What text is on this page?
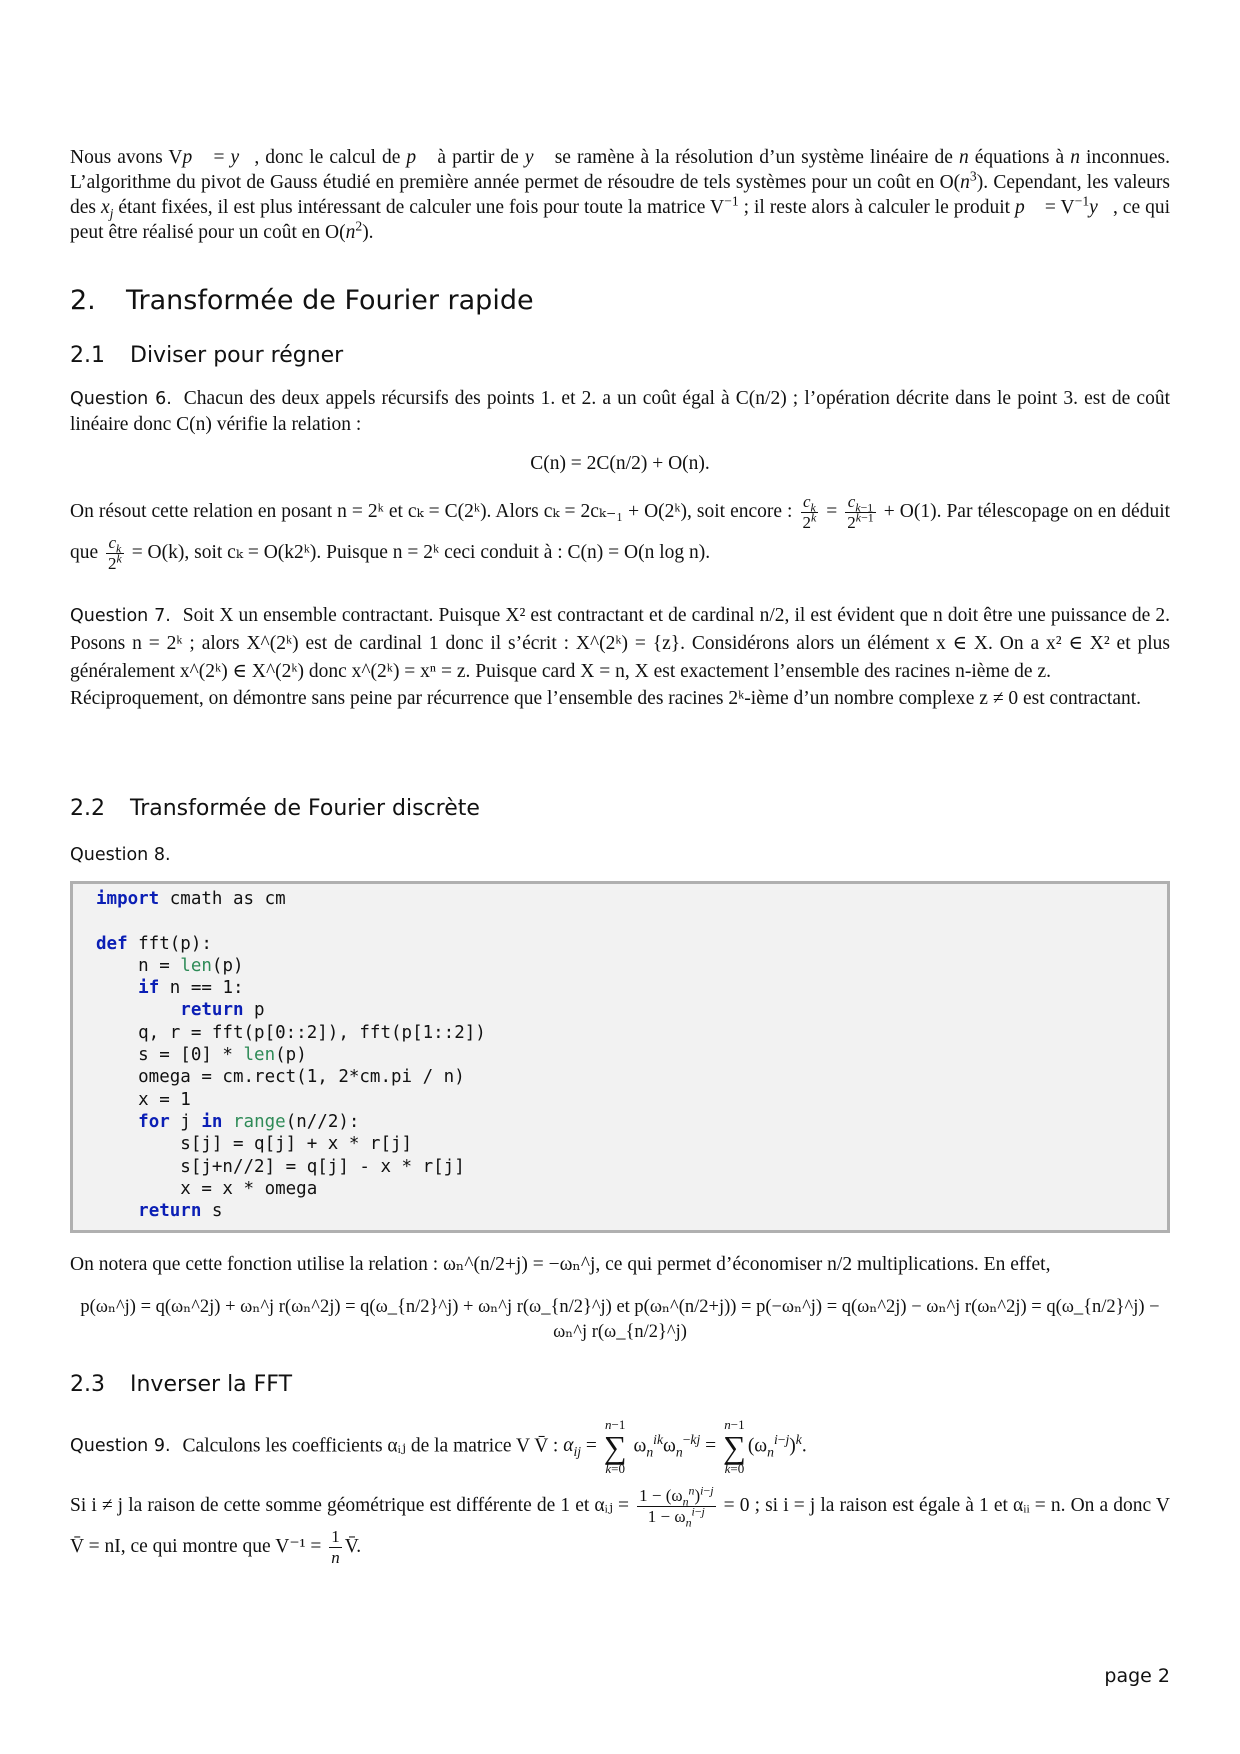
Nous avons Vp⃗ = y⃗, donc le calcul de p⃗ à partir de y⃗ se ramène à la résolution d’un système linéaire de n équations à n inconnues. L’algorithme du pivot de Gauss étudié en première année permet de résoudre de tels systèmes pour un coût en $O(n^3)$. Cependant, les valeurs des $x_j$ étant fixées, il est plus intéressant de calculer une fois pour toute la matrice $V^{-1}$ ; il reste alors à calculer le produit p⃗ = $V^{-1}y⃗$, ce qui peut être réalisé pour un coût en $O(n^2)$.

2. Transformée de Fourier rapide
2.1 Diviser pour régner

Question 6. Chacun des deux appels récursifs des points 1. et 2. a un coût égal à C(n/2) ; l’opération décrite dans le point 3. est de coût linéaire donc C(n) vérifie la relation :

C(n) = 2C(n/2) + O(n).

On résout cette relation en posant n = 2ᵏ et cₖ = C(2ᵏ). Alors cₖ = 2cₖ₋₁ + O(2ᵏ), soit encore : $\frac{c_k}{2^k} = \frac{c_{k-1}}{2^{k-1}} + O(1)$. Par télescopage on en déduit que $\frac{c_k}{2^k} = O(k)$, soit cₖ = O(k2ᵏ). Puisque n = 2ᵏ ceci conduit à : C(n) = O(n log n).

Question 7. Soit X un ensemble contractant. Puisque X² est contractant et de cardinal n/2, il est évident que n doit être une puissance de 2. Posons n = 2ᵏ ; alors X^(2ᵏ) est de cardinal 1 donc il s’écrit : X^(2ᵏ) = {z}. Considérons alors un élément x ∈ X. On a x² ∈ X² et plus généralement x^(2ᵏ) ∈ X^(2ᵏ) donc x^(2ᵏ) = xⁿ = z. Puisque card X = n, X est exactement l’ensemble des racines n-ième de z.

Réciproquement, on démontre sans peine par récurrence que l’ensemble des racines 2ᵏ-ième d’un nombre complexe z ≠ 0 est contractant.

2.2 Transformée de Fourier discrète
Question 8.
import cmath as cm

def fft(p):
n = len(p)
if n == 1:
return p
q, r = fft(p[0::2]), fft(p[1::2])
s = [0] * len(p)
omega = cm.rect(1, 2*cm.pi / n)
x = 1
for j in range(n//2):
s[j] = q[j] + x * r[j]
s[j+n//2] = q[j] - x * r[j]
x = x * omega
return s

On notera que cette fonction utilise la relation : ωₙ^(n/2+j) = −ωₙ^j, ce qui permet d’économiser n/2 multiplications. En effet,

p(ωₙ^j) = q(ωₙ^2j) + ωₙ^j r(ωₙ^2j) = q(ω_{n/2}^j) + ωₙ^j r(ω_{n/2}^j) et p(ωₙ^(n/2+j)) = p(−ωₙ^j) = q(ωₙ^2j) − ωₙ^j r(ωₙ^2j) = q(ω_{n/2}^j) − ωₙ^j r(ω_{n/2}^j)

2.3 Inverser la FFT

Question 9. Calculons les coefficients αᵢⱼ de la matrice V V̄ : $\alpha_{ij} = n-1$
∑
k=0 $\omega_n^{ik}\omega_n^{-kj} = n-1$
∑
$k=0(\omega_n^{i-j})^k$.

Si i ≠ j la raison de cette somme géométrique est différente de 1 et αᵢⱼ = $\frac{1 - (\omega_n^n)^{i-j}}{1 - \omega_n^{i-j}} = 0$ ; si i = j la raison est égale à 1 et αᵢᵢ = n. On a donc V V̄ = nI, ce qui montre que $V^{-1} = \frac{1}{n}$ V̄.

page 2
